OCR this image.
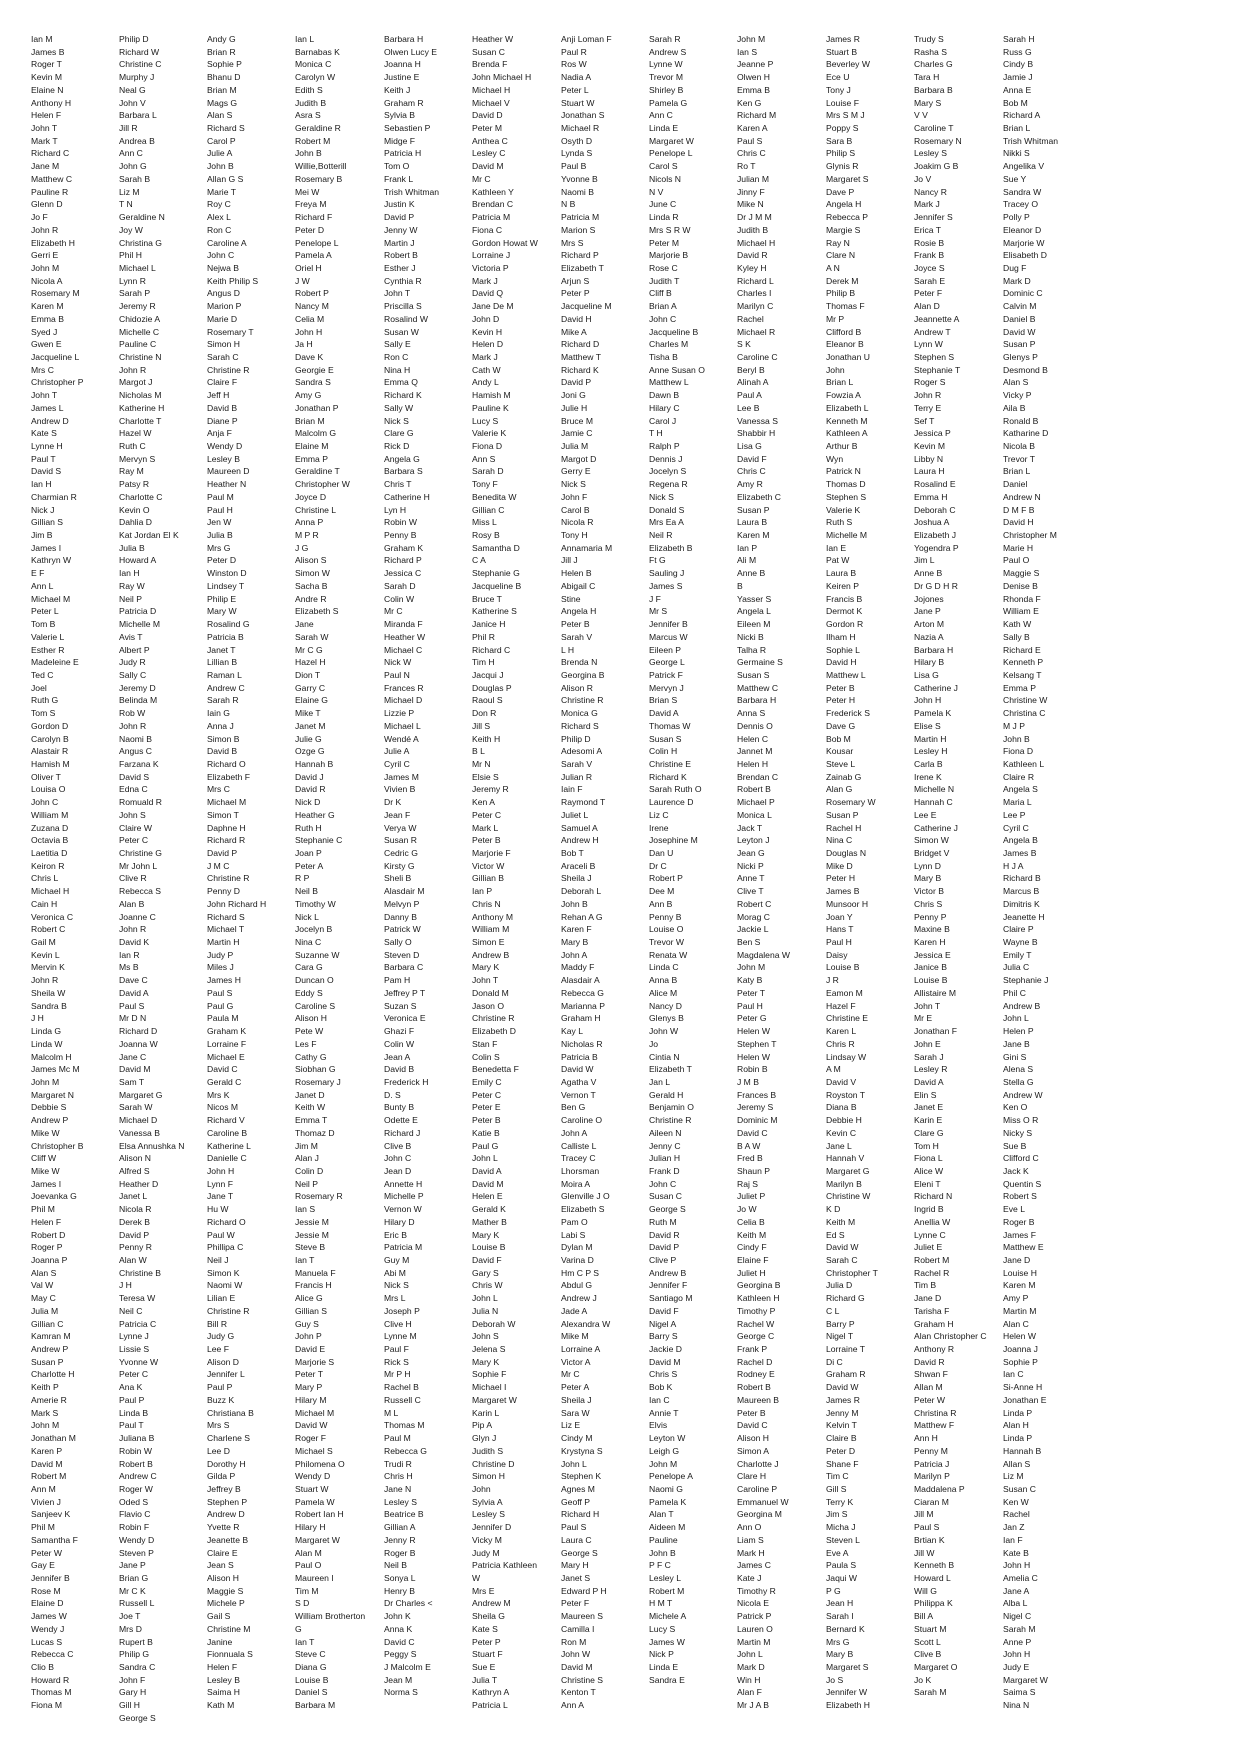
Ian M
James B
Roger T
Kevin M
Elaine N
Anthony H
Helen F
John T
Mark T
Richard C
Jane M
Matthew C
Pauline R
Glenn D
Jo F
John R
Elizabeth H
Gerri E
John M
Nicola A
Rosemary M
Karen M
Emma B
Syed J
Gwen E
Jacqueline L
Mrs C
Christopher P
John T
James L
Andrew D
Kate S
Lynne H
Paul T
David S
Ian H
Charmian R
Nick J
Gillian S
Jim B
James I
Kathryn W
E F
Ann L
Michael M
Peter L
Tom B
Valerie L
Esther R
Madeleine E
Ted C
Joel
Ruth G
Tom S
Gordon D
Carolyn B
Alastair R
Hamish M
Oliver T
Louisa O
John C
William M
Zuzana D
Octavia B
Laetitia D
Keiron R
Chris L
Michael H
Cain H
Veronica C
Robert C
Gail M
Kevin L
Mervin K
John R
Sheila W
Sandra B
J H
Linda G
Linda W
Malcolm H
James Mc M
John M
Margaret N
Debbie S
Andrew P
Mike W
Christopher B
Cliff W
Mike W
James I
Joevanka G
Phil M
Helen F
Robert D
Roger P
Joanna P
Alan S
Val W
May C
Julia M
Gillian C
Kamran M
Andrew P
Susan P
Charlotte H
Keith P
Amerie R
Mark S
John M
Jonathan M
Karen P
David M
Robert M
Ann M
Vivien J
Sanjeev K
Phil M
Samantha F
Peter W
Gay E
Jennifer B
Rose M
Elaine D
James W
Wendy J
Lucas S
Rebecca C
Clio B
Howard R
Thomas M
Fiona M
Philip D
Richard W
Christine C
Murphy J
Neal G
John V
Barbara L
Jill R
Andrea B
Ann C
John G
Sarah B
Liz M
T N
Geraldine N
Joy W
Christina G
Phil H
Michael L
Lynn R
Sarah P
Jeremy R
Chidozie A
Michelle C
Pauline C
Christine N
John R
Margot J
Nicholas M
Katherine H
Charlotte T
Hazel W
Ruth C
Mervyn S
Ray M
Patsy R
Charlotte C
Kevin O
Dahlia D
Kat Jordan El K
Julia B
Howard A
Ian H
Ray W
Neil P
Patricia D
Michelle M
Avis T
Albert P
Judy R
Sally C
Jeremy D
Belinda M
Rob W
John R
Naomi B
Angus C
Farzana K
David S
Edna C
Romuald R
John S
Claire W
Peter C
Christine G
Mr John L
Clive R
Rebecca S
Alan B
Joanne C
John R
David K
Ian R
Ms B
Dave C
David A
Paul S
Mr D N
Richard D
Joanna W
Jane C
David M
Sam T
Margaret G
Sarah W
Michael D
Vanessa B
Elsa Annushka N
Alison N
Alfred S
Heather D
Janet L
Nicola R
Derek B
David P
Penny R
Alan W
Christine B
J H
Teresa W
Neil C
Patricia C
Lynne J
Lissie S
Yvonne W
Peter C
Ana K
Paul P
Linda B
Paul T
Juliana B
Robin W
Robert B
Andrew C
Roger W
Oded S
Flavio C
Robin F
Wendy D
Steven P
Jane P
Brian G
Mr C K
Russell L
Joe T
Mrs D
Rupert B
Philip G
Sandra C
John F
Gary H
Gill H
George S
Andy G
Brian R
Sophie P
Bhanu D
Brian M
Mags G
Alan S
Richard S
Carol P
Julie A
John B
Allan G S
Marie T
Roy C
Alex L
Ron C
Caroline A
John C
Nejwa B
Keith Philip S
Angus D
Marion P
Marie D
Rosemary T
Simon H
Sarah C
Christine R
Claire F
Jeff H
David B
Diane P
Anja F
Wendy D
Lesley B
Maureen D
Heather N
Paul M
Paul H
Jen W
Julia B
Mrs G
Peter D
Winston D
Lindsey T
Philip E
Mary W
Rosalind G
Patricia B
Janet T
Lillian B
Raman L
Andrew C
Sarah R
Iain G
Anna J
Simon B
David B
Richard O
Elizabeth F
Mrs C
Michael M
Simon T
Daphne H
Richard R
David P
J M C
Christine R
Penny D
John Richard H
Richard S
Michael T
Martin H
Judy P
Miles J
James H
Paul S
Paul G
Paula M
Graham K
Lorraine F
Michael E
David C
Gerald C
Mrs K
Nicos M
Richard V
Caroline B
Katherine L
Danielle C
John H
Lynn F
Jane T
Hu W
Richard O
Paul W
Phillipa C
Neil J
Simon K
Naomi W
Lilian E
Christine R
Bill R
Judy G
Lee F
Alison D
Jennifer L
Paul P
Buzz K
Christiana B
Mrs S
Charlene S
Lee D
Dorothy H
Gilda P
Jeffrey B
Stephen P
Andrew D
Yvette R
Jeanette B
Claire E
Jean S
Alison H
Maggie S
Michele P
Gail S
Christine M
Janine
Fionnuala S
Helen F
Lesley B
Saima H
Kath M
Ian L
Barnabas K
Monica C
Carolyn W
Edith S
Judith B
Asra S
Geraldine R
Robert M
John B
Willie,Botterill
Rosemary B
Mei W
Freya M
Richard F
Peter D
Penelope L
Pamela A
Oriel H
J W
Robert P
Nancy M
Celia M
John H
Ja H
Dave K
Georgie E
Sandra S
Amy G
Jonathan P
Brian M
Malcolm G
Elaine M
Emma P
Geraldine T
Christopher W
Joyce D
Christine L
Anna P
M P R
J G
Alison S
Simon W
Sacha B
Andre R
Elizabeth S
Jane
Sarah W
Mr C G
Hazel H
Dion T
Garry C
Elaine G
Mike T
Janet M
Julie G
Ozge G
Hannah B
David J
David R
Nick D
Heather G
Ruth H
Stephanie C
Joan P
Peter A
R P
Neil B
Timothy W
Nick L
Jocelyn B
Nina C
Suzanne W
Cara G
Duncan O
Eddy S
Caroline S
Alison H
Pete W
Les F
Cathy G
Siobhan G
Rosemary J
Janet D
Keith W
Emma T
Thomaz D
Jim M
Alan J
Colin D
Neil P
Rosemary R
Ian S
Jessie M
Jessie M
Steve B
Ian T
Manuela F
Francis H
Alice G
Gillian S
Guy S
John P
David E
Marjorie S
Peter T
Mary P
Hilary M
Michael M
David W
Roger F
Michael S
Philomena O
Wendy D
Stuart W
Pamela W
Robert Ian H
Hilary H
Margaret W
Alan M
Paul O
Maureen I
Tim M
S D
William Brotherton
G
Ian T
Steve C
Diana G
Louise B
Daniel S
Barbara M
Barbara H
Olwen Lucy E
Joanna H
Justine E
Keith J
Graham R
Sylvia B
Sebastien P
Midge F
Patricia H
Tom O
Frank L
Trish Whitman
Justin K
David P
Jenny W
Martin J
Robert B
Esther J
Cynthia R
John T
Priscilla S
Rosalind W
Susan W
Sally E
Ron C
Nina H
Emma Q
Richard K
Sally W
Nick S
Clare G
Rick D
Angela G
Barbara S
Chris T
Catherine H
Lyn H
Robin W
Penny B
Graham K
Richard P
Jessica C
Sarah D
Colin W
Mr C
Miranda F
Heather W
Michael C
Nick W
Paul N
Frances R
Michael D
Lizzie P
Michael L
Wendé A
Julie A
Cyril C
James M
Vivien B
Dr K
Jean F
Verya W
Susan R
Cedric G
Kirsty G
Sheli B
Alasdair M
Melvyn P
Danny B
Patrick W
Sally O
Steven D
Barbara C
Pam H
Jeffrey P T
Suzan S
Veronica E
Ghazi F
Colin W
Jean A
David B
Frederick H
D. S
Bunty B
Odette E
Richard J
Clive B
John C
Jean D
Annette H
Michelle P
Vernon W
Hilary D
Eric B
Patricia M
Guy M
Abi M
Nick S
Mrs L
Joseph P
Clive H
Lynne M
Paul F
Rick S
Mr P H
Rachel B
Russell C
M L
Thomas M
Paul M
Rebecca G
Trudi R
Chris H
Jane N
Lesley S
Beatrice B
Gillian A
Jenny R
Roger B
Neil B
Sonya L
Henry B
Dr Charles <
John K
Anna K
David C
Peggy S
J Malcolm E
Jean M
Norma S
Heather W
Susan C
Brenda F
John Michael H
Michael H
Michael V
David D
Peter M
Anthea C
Lesley C
David M
Mr C
Kathleen Y
Brendan C
Patricia M
Fiona C
Gordon Howat W
Lorraine J
Victoria P
Mark J
David Q
Jane De M
John D
Kevin H
Helen D
Mark J
Cath W
Andy L
Hamish M
Pauline K
Lucy S
Valerie K
Fiona D
Ann S
Sarah D
Tony F
Benedita W
Gillian C
Miss L
Rosy B
Samantha D
C A
Stephanie G
Jacqueline B
Bruce T
Katherine S
Janice H
Phil R
Richard C
Tim H
Jacqui J
Douglas P
Raoul S
Don R
Jill S
Keith H
B L
Mr N
Elsie S
Jeremy R
Ken A
Peter C
Mark L
Peter B
Marjorie F
Victor W
Gillian B
Ian P
Chris N
Anthony M
William M
Simon E
Andrew B
Mary K
John T
Donald M
Jason O
Christine R
Elizabeth D
Stan F
Colin S
Benedetta F
Emily C
Peter C
Peter E
Peter B
Katie B
Paul G
John L
David A
David M
Helen E
Gerald K
Mather B
Mary K
Louise B
David F
Gary S
Chris W
John L
Julia N
Deborah W
John S
Jelena S
Mary K
Sophie F
Michael I
Margaret W
Karin L
Pip A
Glyn J
Judith S
Christine D
Simon H
John
Sylvia A
Lesley S
Jennifer D
Vicky M
Judy M
Patricia Kathleen
W
Mrs E
Andrew M
Sheila G
Kate S
Peter P
Stuart F
Sue E
Julia T
Kathryn A
Patricia L
Anji Loman F
Paul R
Ros W
Nadia A
Peter L
Stuart W
Jonathan S
Michael R
Osyth D
Lynda S
Paul B
Yvonne B
Naomi B
N B
Patricia M
Marion S
Mrs S
Richard P
Elizabeth T
Arjun S
Peter P
Jacqueline M
David H
Mike A
Richard D
Matthew T
Richard K
David P
Joni G
Julie H
Bruce M
Jamie C
Julia M
Margot D
Gerry E
Nick S
John F
Carol B
Nicola R
Tony H
Annamaria M
Jill J
Helen B
Abigail C
Stine
Angela H
Peter B
Sarah V
L H
Brenda N
Georgina B
Alison R
Christine R
Monica G
Richard S
Philip D
Adesomi A
Sarah V
Julian R
Iain F
Raymond T
Juliet L
Samuel A
Andrew H
Bob T
Araceli B
Sheila J
Deborah L
John B
Rehan A G
Karen F
Mary B
John A
Maddy F
Alasdair A
Rebecca G
Marianna P
Graham H
Kay L
Nicholas R
Patricia B
David W
Agatha V
Vernon T
Ben G
Caroline O
John A
Calliste L
Tracey C
Lhorsman
Moira A
Glenville J O
Elizabeth S
Pam O
Labi S
Dylan M
Varina D
Hm C P S
Abdul G
Andrew J
Jade A
Alexandra W
Mike M
Lorraine A
Victor A
Mr C
Peter A
Sheila J
Sara W
Liz E
Cindy M
Krystyna S
John L
Stephen K
Agnes M
Geoff P
Richard H
Paul S
Laura C
George S
Mary H
Janet S
Edward P H
Peter F
Maureen S
Camilla I
Ron M
John W
David M
Christine S
Kenton T
Ann A
Sarah R
Andrew S
Lynne W
Trevor M
Shirley B
Pamela G
Ann C
Linda E
Margaret W
Penelope L
Carol S
Nicols N
N V
June C
Linda R
Mrs S R W
Peter M
Marjorie B
Rose C
Judith T
Cliff B
Brian A
John C
Jacqueline B
Charles M
Tisha B
Anne Susan O
Matthew L
Dawn B
Hilary C
Carol J
T H
Ralph P
Dennis J
Jocelyn S
Regena R
Nick S
Donald S
Mrs Ea A
Neil R
Elizabeth B
Ft G
Sauling J
James S
J F
Mr S
Jennifer B
Marcus W
Eileen P
George L
Patrick F
Mervyn J
Brian S
David A
Thomas W
Susan S
Colin H
Christine E
Richard K
Sarah Ruth O
Laurence D
Liz C
Irene
Josephine M
Dan U
Dr C
Robert P
Dee M
Ann B
Penny B
Louise O
Trevor W
Renata W
Linda C
Anna B
Alice M
Nancy D
Glenys B
John W
Jo
Cintia N
Elizabeth T
Jan L
Gerald H
Benjamin O
Christine R
Aileen N
Jenny C
Julian H
Frank D
John C
Susan C
George S
Ruth M
David R
David P
Clive P
Andrew B
Jennifer F
Santiago M
David F
Nigel A
Barry S
Jackie D
David M
Chris S
Bob K
Ian C
Annie T
Elvis
Leyton W
Leigh G
John M
Penelope A
Naomi G
Pamela K
Alan T
Aideen M
Pauline
John B
P F C
Lesley L
Robert M
H M T
Michele A
Lucy S
James W
Nick P
Linda E
Sandra E
John M
Ian S
Jeanne P
Olwen H
Emma B
Ken G
Richard M
Karen A
Paul S
Chris C
Ro T
Julian M
Jinny F
Mike N
Dr J M M
Judith B
Michael H
David R
Kyley H
Richard L
Charles I
Marilyn C
Rachel
Michael R
S K
Caroline C
Beryl B
Alinah A
Paul A
Lee B
Vanessa S
Shabbir H
Lisa G
David F
Chris C
Amy R
Elizabeth C
Susan P
Laura B
Karen M
Ian P
Ali M
Anne B
B
Yasser S
Angela L
Eileen M
Nicki B
Talha R
Germaine S
Susan S
Matthew C
Barbara H
Anna S
Dennis O
Helen C
Jannet M
Helen H
Brendan C
Robert B
Michael P
Monica L
Jack T
Leyton J
Jean G
Nicki P
Anne T
Clive T
Robert C
Morag C
Jackie L
Ben S
Magdalena W
John M
Katy B
Peter T
Paul H
Peter G
Helen W
Stephen T
Helen W
Robin B
J M B
Frances B
Jeremy S
Dominic M
David C
B A W
Fred B
Shaun P
Raj S
Juliet P
Jo W
Celia B
Keith M
Cindy F
Elaine F
Juliet H
Georgina B
Kathleen H
Timothy P
Rachel W
George C
Frank P
Rachel D
Rodney E
Robert B
Maureen B
Peter B
David C
Alison H
Simon A
Charlotte J
Clare H
Caroline P
Emmanuel W
Georgina M
Ann O
Liam S
Mark H
James C
Kate J
Timothy R
Nicola E
Patrick P
Lauren O
Martin M
John L
Mark D
Win H
Alan F
Mr J A B
James R
Stuart B
Beverley W
Ece U
Tony J
Louise F
Mrs S M J
Poppy S
Sara B
Philip S
Glynis R
Margaret S
Dave P
Angela H
Rebecca P
Margie S
Ray N
Clare N
A N
Derek M
Philip B
Thomas F
Mr P
Clifford B
Eleanor B
Jonathan U
John
Brian L
Fowzia A
Elizabeth L
Kenneth M
Kathleen A
Arthur B
Wyn
Patrick N
Thomas D
Stephen S
Valerie K
Ruth S
Michelle M
Ian E
Pat W
Laura B
Keiren P
Francis B
Dermot K
Gordon R
Ilham H
Sophie L
David H
Matthew L
Peter B
Peter H
Frederick S
Dave G
Bob M
Kousar
Steve L
Zainab G
Alan G
Rosemary W
Susan P
Rachel H
Nina C
Douglas N
Mike D
Peter H
James B
Munsoor H
Joan Y
Hans T
Paul H
Daisy
Louise B
J R
Eamon M
Hazel F
Christine E
Karen L
Chris R
Lindsay W
A M
David V
Royston T
Diana B
Debbie H
Kevin C
Jane L
Hannah V
Margaret G
Marilyn B
Christine W
K D
Keith M
Ed S
David W
Sarah C
Christopher T
Julia D
Richard G
C L
Barry P
Nigel T
Lorraine T
Di C
Graham R
David W
James R
Jenny M
Kelvin T
Claire B
Peter D
Shane F
Tim C
Gill S
Terry K
Jim S
Micha J
Steven L
Eve A
Paula S
Jaqui W
P G
Jean H
Sarah I
Bernard K
Mrs G
Mary B
Margaret S
Jo S
Jennifer W
Elizabeth H
Trudy S
Rasha S
Charles G
Tara H
Barbara B
Mary S
V V
Caroline T
Rosemary N
Lesley S
Joakim G B
Jo V
Nancy R
Mark J
Jennifer S
Erica T
Rosie B
Frank B
Joyce S
Sarah E
Peter F
Alan D
Jeannette A
Andrew T
Lynn W
Stephen S
Stephanie T
Roger S
John R
Terry E
Sef T
Jessica P
Kevin M
Libby N
Laura H
Rosalind E
Emma H
Deborah C
Joshua A
Elizabeth J
Yogendra P
Jim L
Anne B
Dr G D H R
Jojones
Jane P
Arton M
Nazia A
Barbara H
Hilary B
Lisa G
Catherine J
John H
Pamela K
Elise S
Martin H
Lesley H
Carla B
Irene K
Michelle N
Hannah C
Lee E
Catherine J
Simon W
Bridget V
Lynn D
Mary B
Victor B
Chris S
Penny P
Maxine B
Karen H
Jessica E
Janice B
Louise B
Allistaire M
John T
Mr E
Jonathan F
John E
Sarah J
Lesley R
David A
Elin S
Janet E
Karin E
Clare G
Tom H
Fiona L
Alice W
Eleni T
Richard N
Ingrid B
Anellia W
Lynne C
Juliet E
Robert M
Rachel R
Tim B
Jane D
Tarisha F
Graham H
Alan Christopher C
Anthony R
David R
Shwan F
Allan M
Peter W
Christina R
Matthew F
Ann H
Penny M
Patricia J
Marilyn P
Maddalena P
Ciaran M
Jill M
Paul S
Brtian K
Jill W
Kenneth B
Howard L
Will G
Philippa K
Bill A
Stuart M
Scott L
Clive B
Margaret O
Jo K
Sarah M
Sarah H
Russ G
Cindy B
Jamie J
Anna E
Bob M
Richard A
Brian L
Trish Whitman
Nikki S
Angelika V
Sue Y
Sandra W
Tracey O
Polly P
Eleanor D
Marjorie W
Elisabeth D
Dug F
Mark D
Dominic C
Calvin M
Daniel B
David W
Susan P
Glenys P
Desmond B
Alan S
Vicky P
Aila B
Ronald B
Katharine D
Nicola B
Trevor T
Brian L
Daniel
Andrew N
D M F B
David H
Christopher M
Marie H
Paul O
Maggie S
Denise B
Rhonda F
William E
Kath W
Sally B
Richard E
Kenneth P
Kelsang T
Emma P
Christine W
Christina C
M J P
John B
Fiona D
Kathleen L
Claire R
Angela S
Maria L
Lee P
Cyril C
Angela B
James B
H J A
Richard B
Marcus B
Dimitris K
Jeanette H
Claire P
Wayne B
Emily T
Julia C
Stephanie J
Phil C
Andrew B
John L
Helen P
Jane B
Gini S
Alena S
Stella G
Andrew W
Ken O
Miss O R
Nicky S
Sue B
Clifford C
Jack K
Quentin S
Robert S
Eve L
Roger B
James F
Matthew E
Jane D
Louise H
Karen M
Amy P
Martin M
Alan C
Helen W
Joanna J
Sophie P
Ian C
Si-Anne H
Jonathan E
Linda P
Alan H
Linda P
Hannah B
Allan S
Liz M
Susan C
Ken W
Rachel
Jan Z
Ian F
Kate B
John H
Amelia C
Jane A
Alba L
Nigel C
Sarah M
Anne P
John H
Judy E
Margaret W
Saima S
Nina N
